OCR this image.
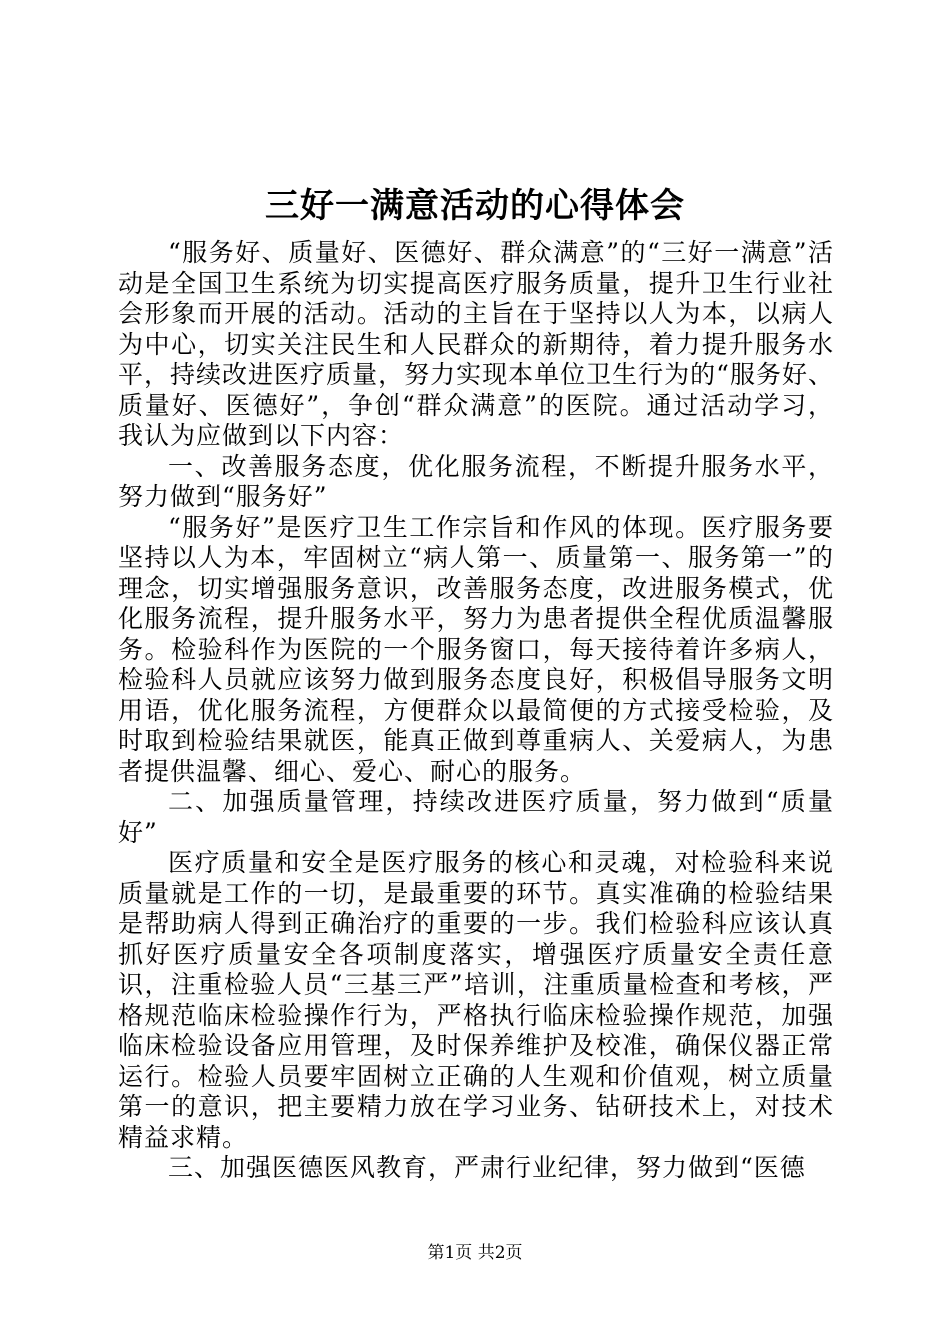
三好一满意活动的心得体会

“服务好、质量好、医德好、群众满意”的“三好一满意”活动是全国卫生系统为切实提高医疗服务质量，提升卫生行业社会形象而开展的活动。活动的主旨在于坚持以人为本，以病人为中心，切实关注民生和人民群众的新期待，着力提升服务水平，持续改进医疗质量，努力实现本单位卫生行为的“服务好、质量好、医德好”，争创“群众满意”的医院。通过活动学习，我认为应做到以下内容：

一、改善服务态度，优化服务流程，不断提升服务水平，努力做到“服务好”

“服务好”是医疗卫生工作宗旨和作风的体现。医疗服务要坚持以人为本，牢固树立“病人第一、质量第一、服务第一”的理念，切实增强服务意识，改善服务态度，改进服务模式，优化服务流程，提升服务水平，努力为患者提供全程优质温馨服务。检验科作为医院的一个服务窗口，每天接待着许多病人，检验科人员就应该努力做到服务态度良好，积极倡导服务文明用语，优化服务流程，方便群众以最简便的方式接受检验，及时取到检验结果就医，能真正做到尊重病人、关爱病人，为患者提供温馨、细心、爱心、耐心的服务。

二、加强质量管理，持续改进医疗质量，努力做到“质量好”

医疗质量和安全是医疗服务的核心和灵魂，对检验科来说质量就是工作的一切，是最重要的环节。真实准确的检验结果是帮助病人得到正确治疗的重要的一步。我们检验科应该认真抓好医疗质量安全各项制度落实，增强医疗质量安全责任意识，注重检验人员“三基三严”培训，注重质量检查和考核，严格规范临床检验操作行为，严格执行临床检验操作规范，加强临床检验设备应用管理，及时保养维护及校准，确保仪器正常运行。检验人员要牢固树立正确的人生观和价值观，树立质量第一的意识，把主要精力放在学习业务、钻研技术上，对技术精益求精。

三、加强医德医风教育，严肃行业纪律，努力做到“医德

第1页 共2页
